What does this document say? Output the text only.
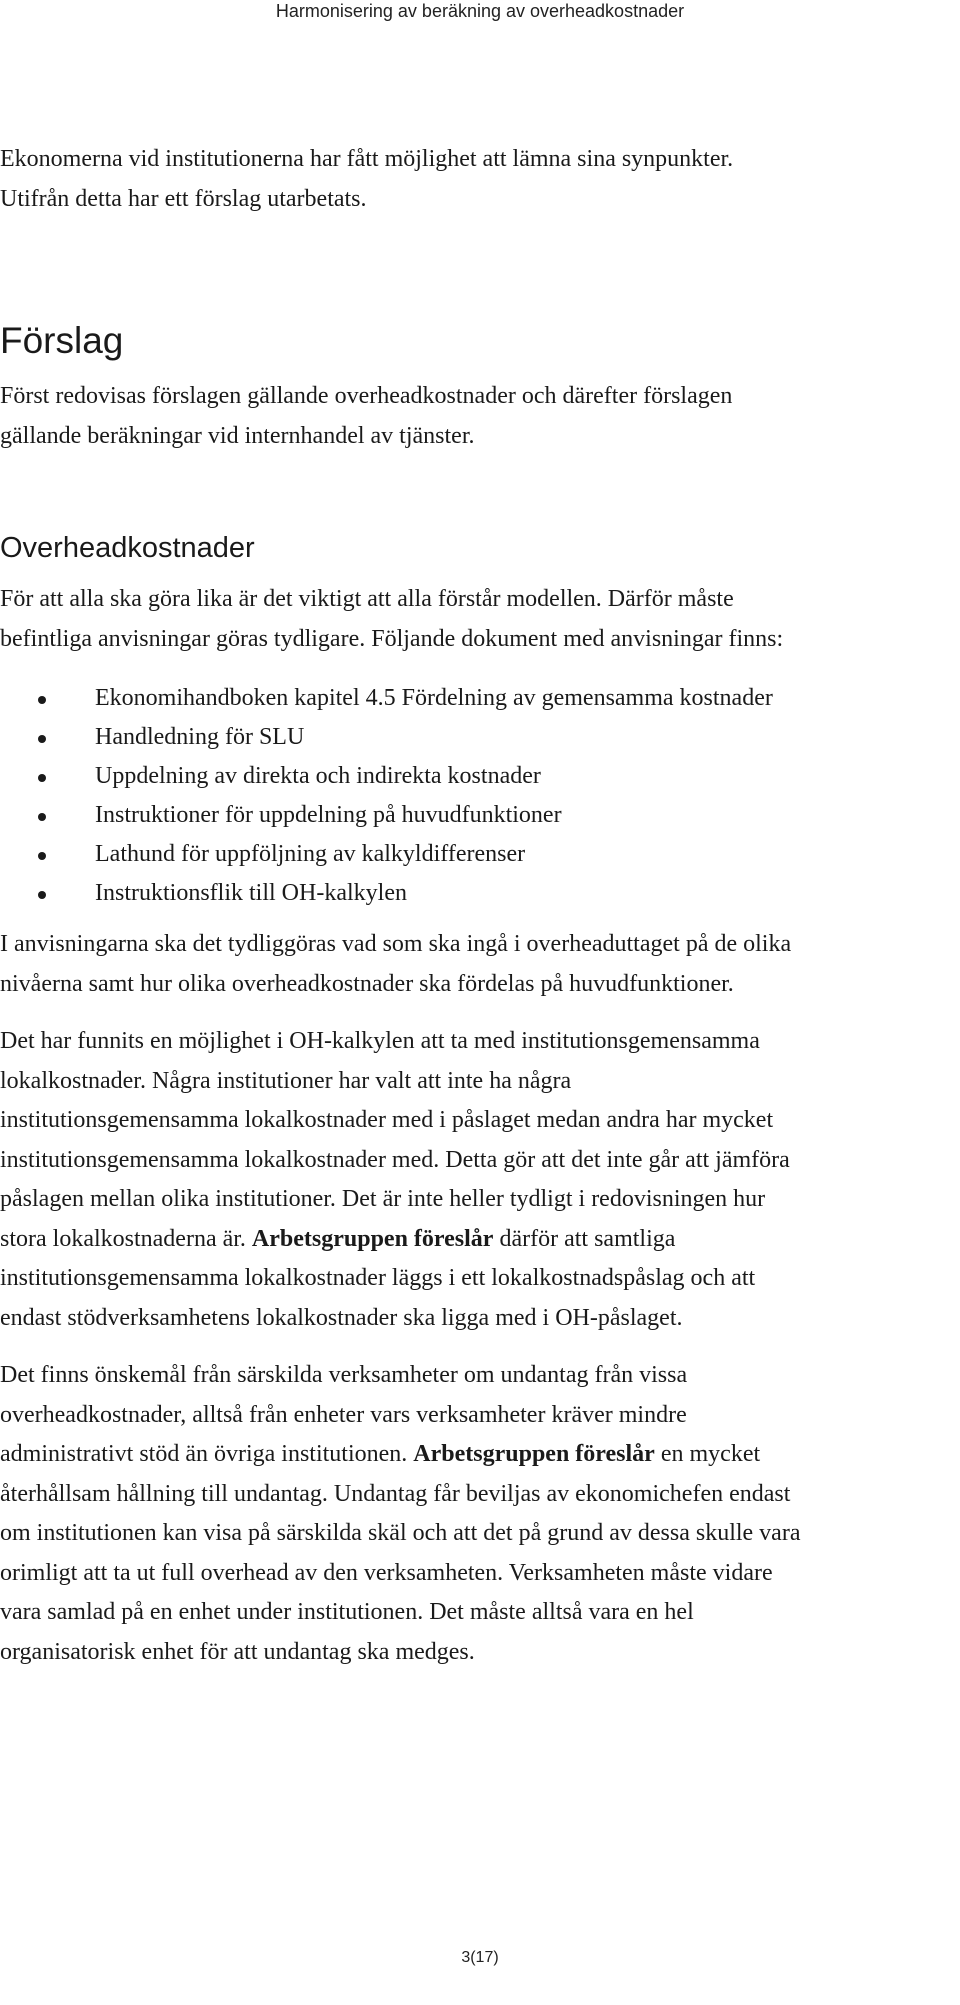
Harmonisering av beräkning av overheadkostnader

Ekonomerna vid institutionerna har fått möjlighet att lämna sina synpunkter.

Utifrån detta har ett förslag utarbetats.

Förslag

Först redovisas förslagen gällande overheadkostnader och därefter förslagen

gällande beräkningar vid internhandel av tjänster.

Overheadkostnader

För att alla ska göra lika är det viktigt att alla förstår modellen. Därför måste

befintliga anvisningar göras tydligare. Följande dokument med anvisningar finns:

Ekonomihandboken kapitel 4.5 Fördelning av gemensamma kostnader
Handledning för SLU
Uppdelning av direkta och indirekta kostnader
Instruktioner för uppdelning på huvudfunktioner
Lathund för uppföljning av kalkyldifferenser
Instruktionsflik till OH-kalkylen

I anvisningarna ska det tydliggöras vad som ska ingå i overheaduttaget på de olika

nivåerna samt hur olika overheadkostnader ska fördelas på huvudfunktioner.

Det har funnits en möjlighet i OH-kalkylen att ta med institutionsgemensamma

lokalkostnader. Några institutioner har valt att inte ha några

institutionsgemensamma lokalkostnader med i påslaget medan andra har mycket

institutionsgemensamma lokalkostnader med. Detta gör att det inte går att jämföra

påslagen mellan olika institutioner. Det är inte heller tydligt i redovisningen hur

stora lokalkostnaderna är. Arbetsgruppen föreslår därför att samtliga

institutionsgemensamma lokalkostnader läggs i ett lokalkostnadspåslag och att

endast stödverksamhetens lokalkostnader ska ligga med i OH-påslaget.

Det finns önskemål från särskilda verksamheter om undantag från vissa

overheadkostnader, alltså från enheter vars verksamheter kräver mindre

administrativt stöd än övriga institutionen. Arbetsgruppen föreslår en mycket

återhållsam hållning till undantag. Undantag får beviljas av ekonomichefen endast

om institutionen kan visa på särskilda skäl och att det på grund av dessa skulle vara

orimligt att ta ut full overhead av den verksamheten. Verksamheten måste vidare

vara samlad på en enhet under institutionen. Det måste alltså vara en hel

organisatorisk enhet för att undantag ska medges.

3(17)
